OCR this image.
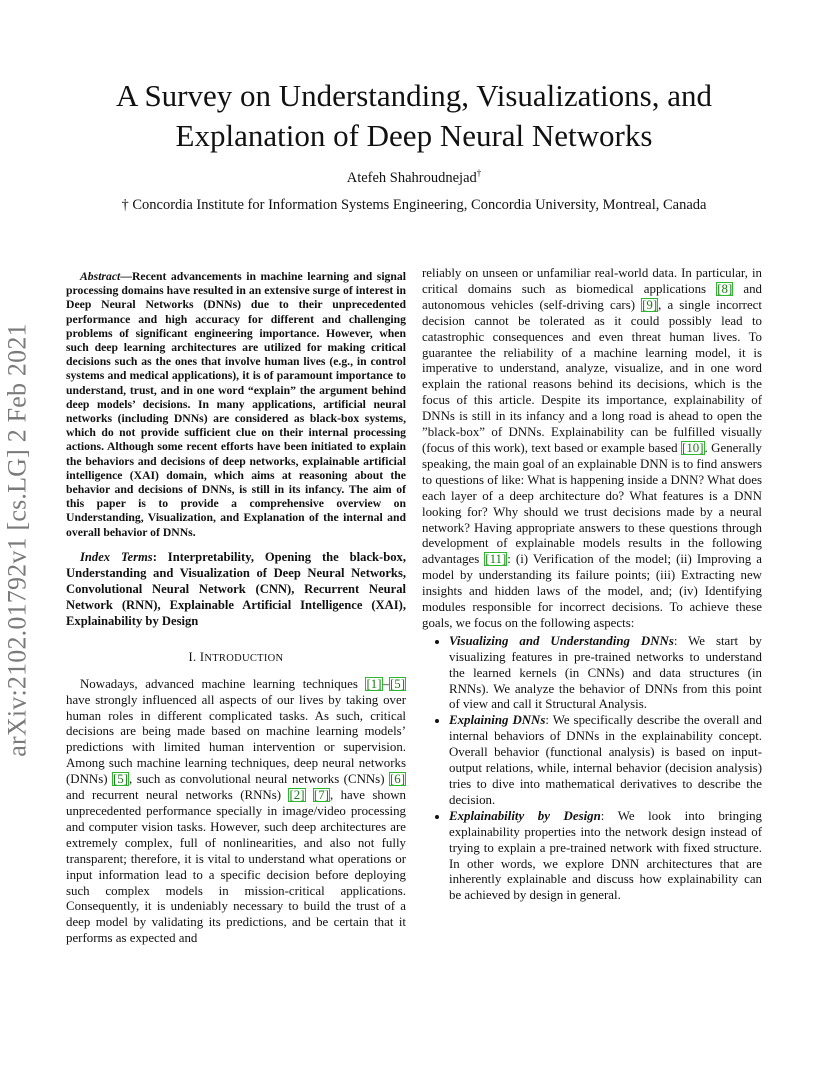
A Survey on Understanding, Visualizations, and
Explanation of Deep Neural Networks
Atefeh Shahroudnejad†
† Concordia Institute for Information Systems Engineering, Concordia University, Montreal, Canada
arXiv:2102.01792v1 [cs.LG] 2 Feb 2021

Abstract—Recent advancements in machine learning and signal processing domains have resulted in an extensive surge of interest in Deep Neural Networks (DNNs) due to their unprecedented performance and high accuracy for different and challenging problems of significant engineering importance. However, when such deep learning architectures are utilized for making critical decisions such as the ones that involve human lives (e.g., in control systems and medical applications), it is of paramount importance to understand, trust, and in one word “explain” the argument behind deep models’ decisions. In many applications, artificial neural networks (including DNNs) are considered as black-box systems, which do not provide sufficient clue on their internal processing actions. Although some recent efforts have been initiated to explain the behaviors and decisions of deep networks, explainable artificial intelligence (XAI) domain, which aims at reasoning about the behavior and decisions of DNNs, is still in its infancy. The aim of this paper is to provide a comprehensive overview on Understanding, Visualization, and Explanation of the internal and overall behavior of DNNs.

Index Terms: Interpretability, Opening the black-box, Understanding and Visualization of Deep Neural Networks, Convolutional Neural Network (CNN), Recurrent Neural Network (RNN), Explainable Artificial Intelligence (XAI), Explainability by Design

I. INTRODUCTION

Nowadays, advanced machine learning techniques [1]–[5] have strongly influenced all aspects of our lives by taking over human roles in different complicated tasks. As such, critical decisions are being made based on machine learning models’ predictions with limited human intervention or supervision. Among such machine learning techniques, deep neural networks (DNNs) [5], such as convolutional neural networks (CNNs) [6] and recurrent neural networks (RNNs) [2] [7], have shown unprecedented performance specially in image/video processing and computer vision tasks. However, such deep architectures are extremely complex, full of nonlinearities, and also not fully transparent; therefore, it is vital to understand what operations or input information lead to a specific decision before deploying such complex models in mission-critical applications. Consequently, it is undeniably necessary to build the trust of a deep model by validating its predictions, and be certain that it performs as expected and

reliably on unseen or unfamiliar real-world data. In particular, in critical domains such as biomedical applications [8] and autonomous vehicles (self-driving cars) [9], a single incorrect decision cannot be tolerated as it could possibly lead to catastrophic consequences and even threat human lives. To guarantee the reliability of a machine learning model, it is imperative to understand, analyze, visualize, and in one word explain the rational reasons behind its decisions, which is the focus of this article. Despite its importance, explainability of DNNs is still in its infancy and a long road is ahead to open the ”black-box” of DNNs. Explainability can be fulfilled visually (focus of this work), text based or example based [10]. Generally speaking, the main goal of an explainable DNN is to find answers to questions of like: What is happening inside a DNN? What does each layer of a deep architecture do? What features is a DNN looking for? Why should we trust decisions made by a neural network? Having appropriate answers to these questions through development of explainable models results in the following advantages [11]: (i) Verification of the model; (ii) Improving a model by understanding its failure points; (iii) Extracting new insights and hidden laws of the model, and; (iv) Identifying modules responsible for incorrect decisions. To achieve these goals, we focus on the following aspects:

• Visualizing and Understanding DNNs: We start by visualizing features in pre-trained networks to understand the learned kernels (in CNNs) and data structures (in RNNs). We analyze the behavior of DNNs from this point of view and call it Structural Analysis.
• Explaining DNNs: We specifically describe the overall and internal behaviors of DNNs in the explainability concept. Overall behavior (functional analysis) is based on input-output relations, while, internal behavior (decision analysis) tries to dive into mathematical derivatives to describe the decision.
• Explainability by Design: We look into bringing explainability properties into the network design instead of trying to explain a pre-trained network with fixed structure. In other words, we explore DNN architectures that are inherently explainable and discuss how explainability can be achieved by design in general.
